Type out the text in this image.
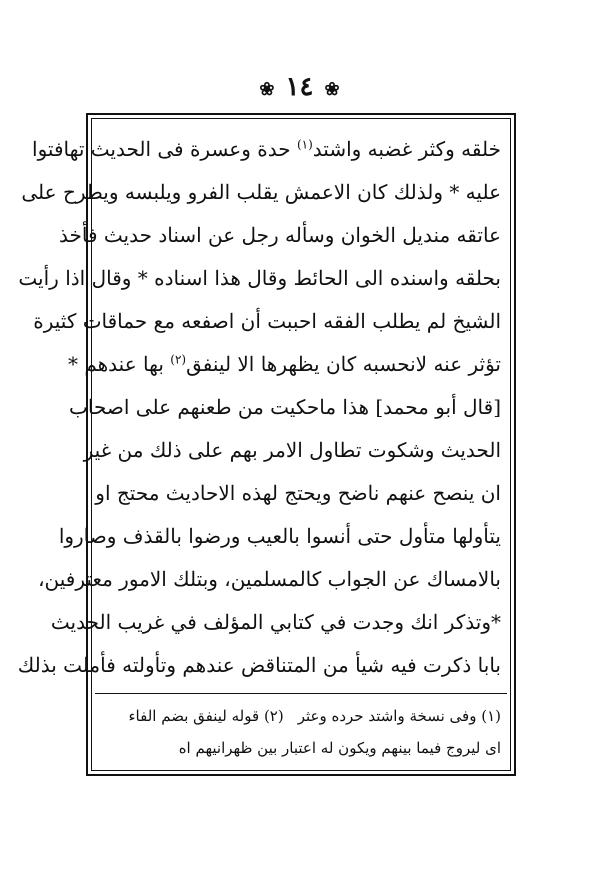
❀ ١٤ ❀
خلقه وكثر غضبه واشتد$^{(١)}$ حدة وعسرة فى الحديث تهافتوا
عليه * ولذلك كان الاعمش يقلب الفرو ويلبسه ويطرح على
عاتقه منديل الخوان وسأله رجل عن اسناد حديث فأخذ
بحلقه واسنده الى الحائط وقال هذا اسناده * وقال اذا رأيت
الشيخ لم يطلب الفقه احببت أن اصفعه مع حماقات كثيرة
تؤثر عنه لانحسبه كان يظهرها الا لينفق$^{(٢)}$ بها عندهم *
[قال أبو محمد] هذا ماحكيت من طعنهم على اصحاب
الحديث وشكوت تطاول الامر بهم على ذلك من غير
ان ينصح عنهم ناضح ويحتج لهذه الاحاديث محتج او
يتأولها متأول حتى أنسوا بالعيب ورضوا بالقذف وصاروا
بالامساك عن الجواب كالمسلمين، وبتلك الامور معترفين،
*وتذكر انك وجدت في كتابي المؤلف في غريب الحديث
بابا ذكرت فيه شيأ من المتناقض عندهم وتأولته فأملت بذلك
(١) وفى نسخة واشتد حرده وعثر(٢) قوله لينفق بضم الفاء
اى ليروج فيما بينهم ويكون له اعتبار بين ظهرانيهم اه
